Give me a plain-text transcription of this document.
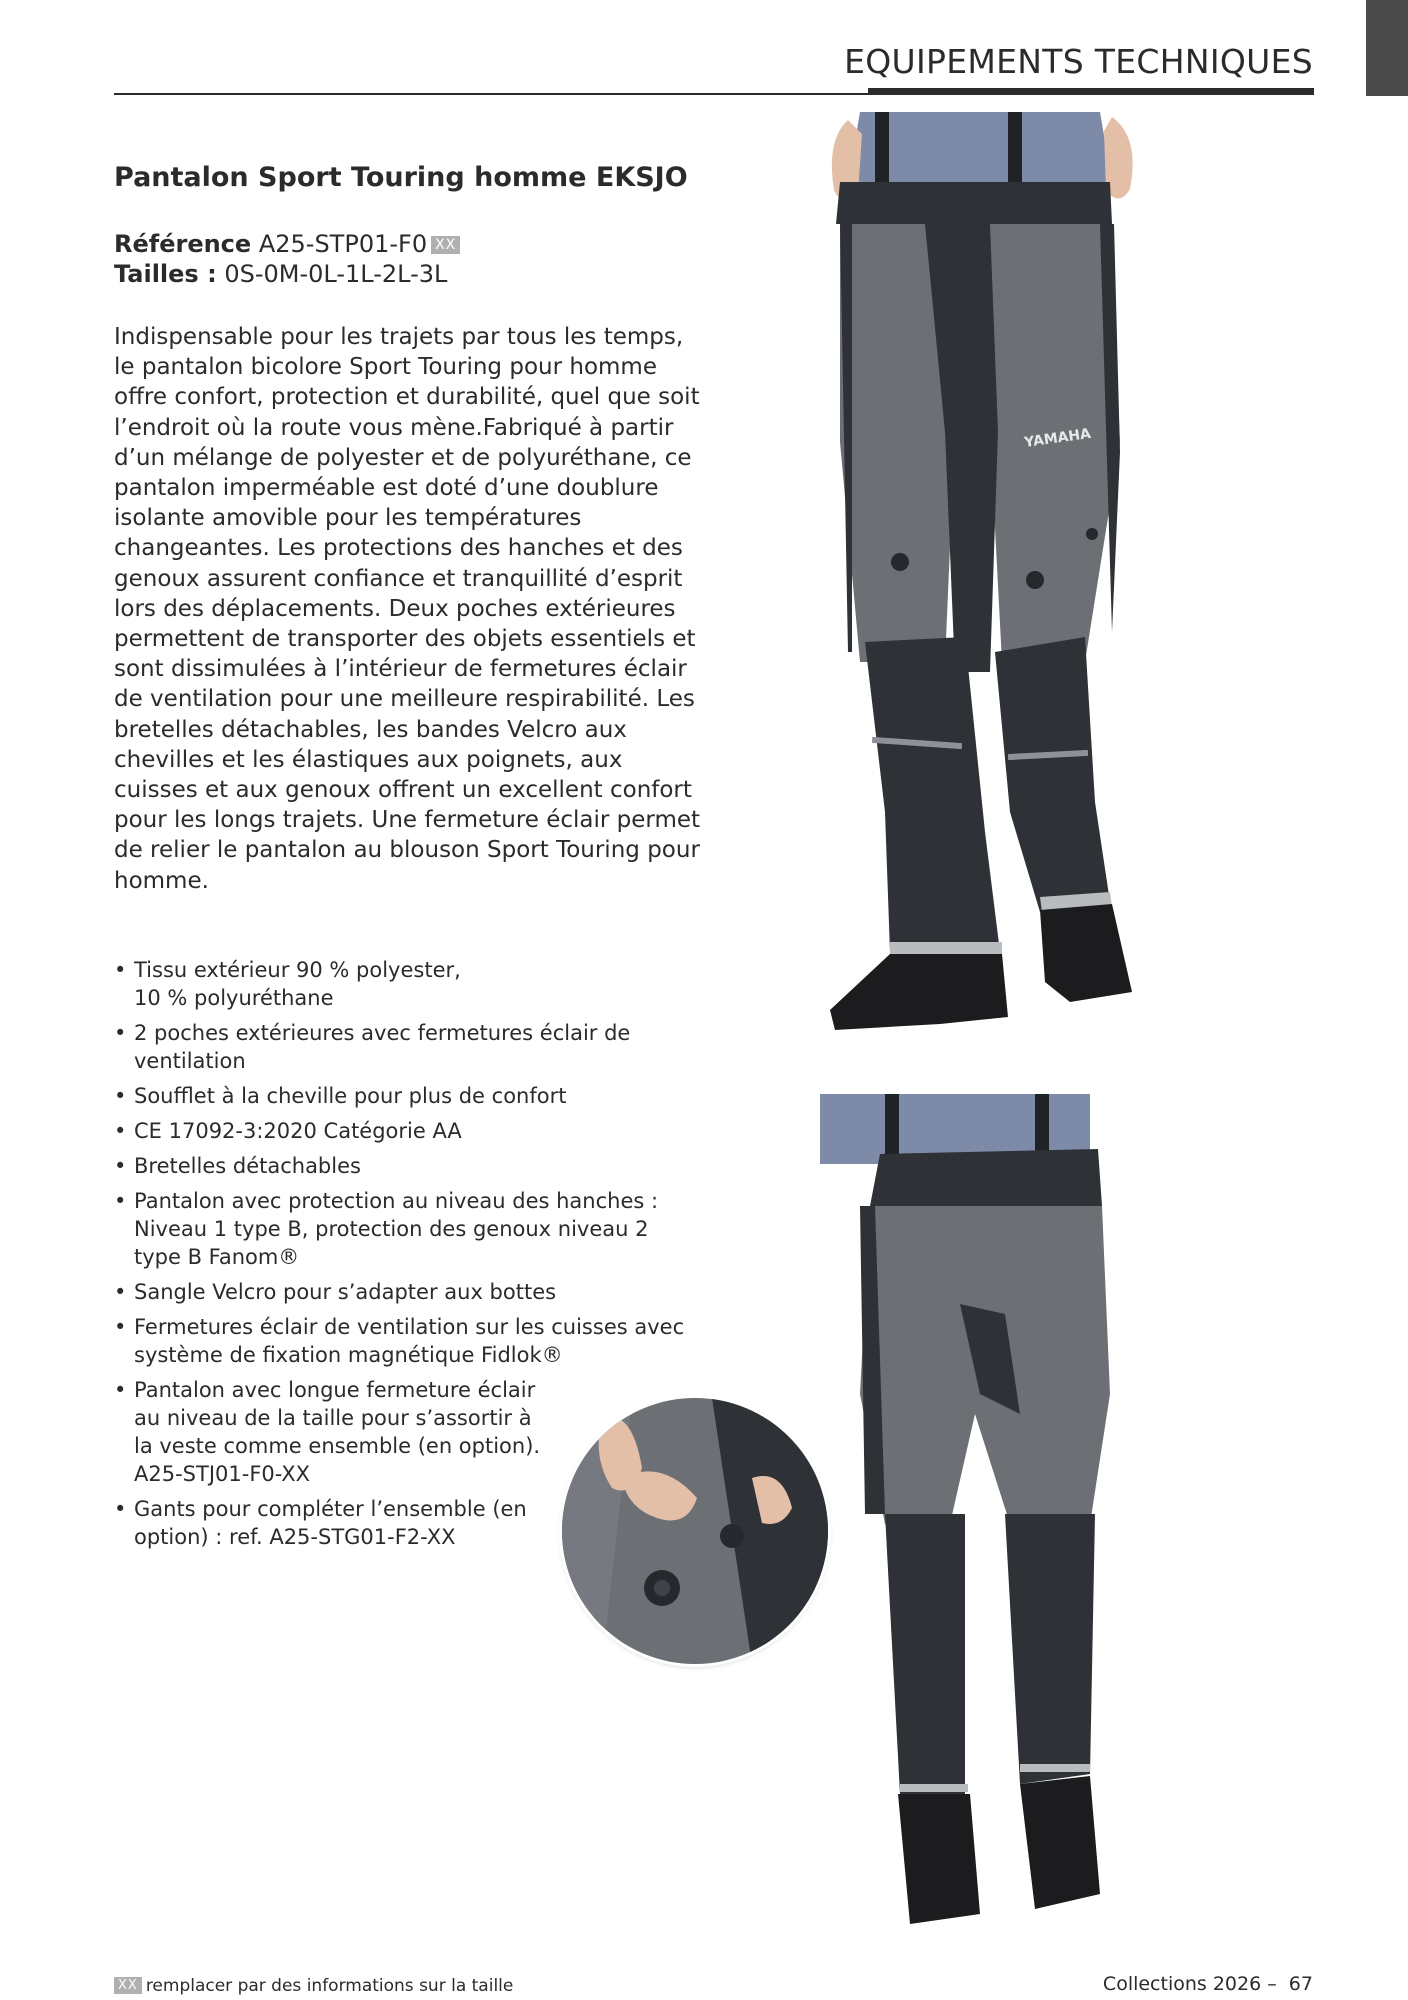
EQUIPEMENTS TECHNIQUES
Pantalon Sport Touring homme EKSJO
Référence A25-STP01-F0 XX
Tailles : 0S-0M-0L-1L-2L-3L

Indispensable pour les trajets par tous les temps, le pantalon bicolore Sport Touring pour homme offre confort, protection et durabilité, quel que soit l’endroit où la route vous mène.Fabriqué à partir d’un mélange de polyester et de polyuréthane, ce pantalon imperméable est doté d’une doublure isolante amovible pour les températures changeantes. Les protections des hanches et des genoux assurent confiance et tranquillité d’esprit lors des déplacements. Deux poches extérieures permettent de transporter des objets essentiels et sont dissimulées à l’intérieur de fermetures éclair de ventilation pour une meilleure respirabilité. Les bretelles détachables, les bandes Velcro aux chevilles et les élastiques aux poignets, aux cuisses et aux genoux offrent un excellent confort pour les longs trajets. Une fermeture éclair permet de relier le pantalon au blouson Sport Touring pour homme.

• Tissu extérieur 90 % polyester,
10 % polyuréthane
• 2 poches extérieures avec fermetures éclair de ventilation
• Soufflet à la cheville pour plus de confort
• CE 17092-3:2020 Catégorie AA
• Bretelles détachables
• Pantalon avec protection au niveau des hanches : Niveau 1 type B, protection des genoux niveau 2 type B Fanom®
• Sangle Velcro pour s’adapter aux bottes
• Fermetures éclair de ventilation sur les cuisses avec système de fixation magnétique Fidlok®
• Pantalon avec longue fermeture éclair au niveau de la taille pour s’assortir à la veste comme ensemble (en option).
A25-STJ01-F0-XX
• Gants pour compléter l’ensemble (en option) : ref. A25-STG01-F2-XX
YAMAHA
XX remplacer par des informations sur la taille	Collections 2026 –  67
